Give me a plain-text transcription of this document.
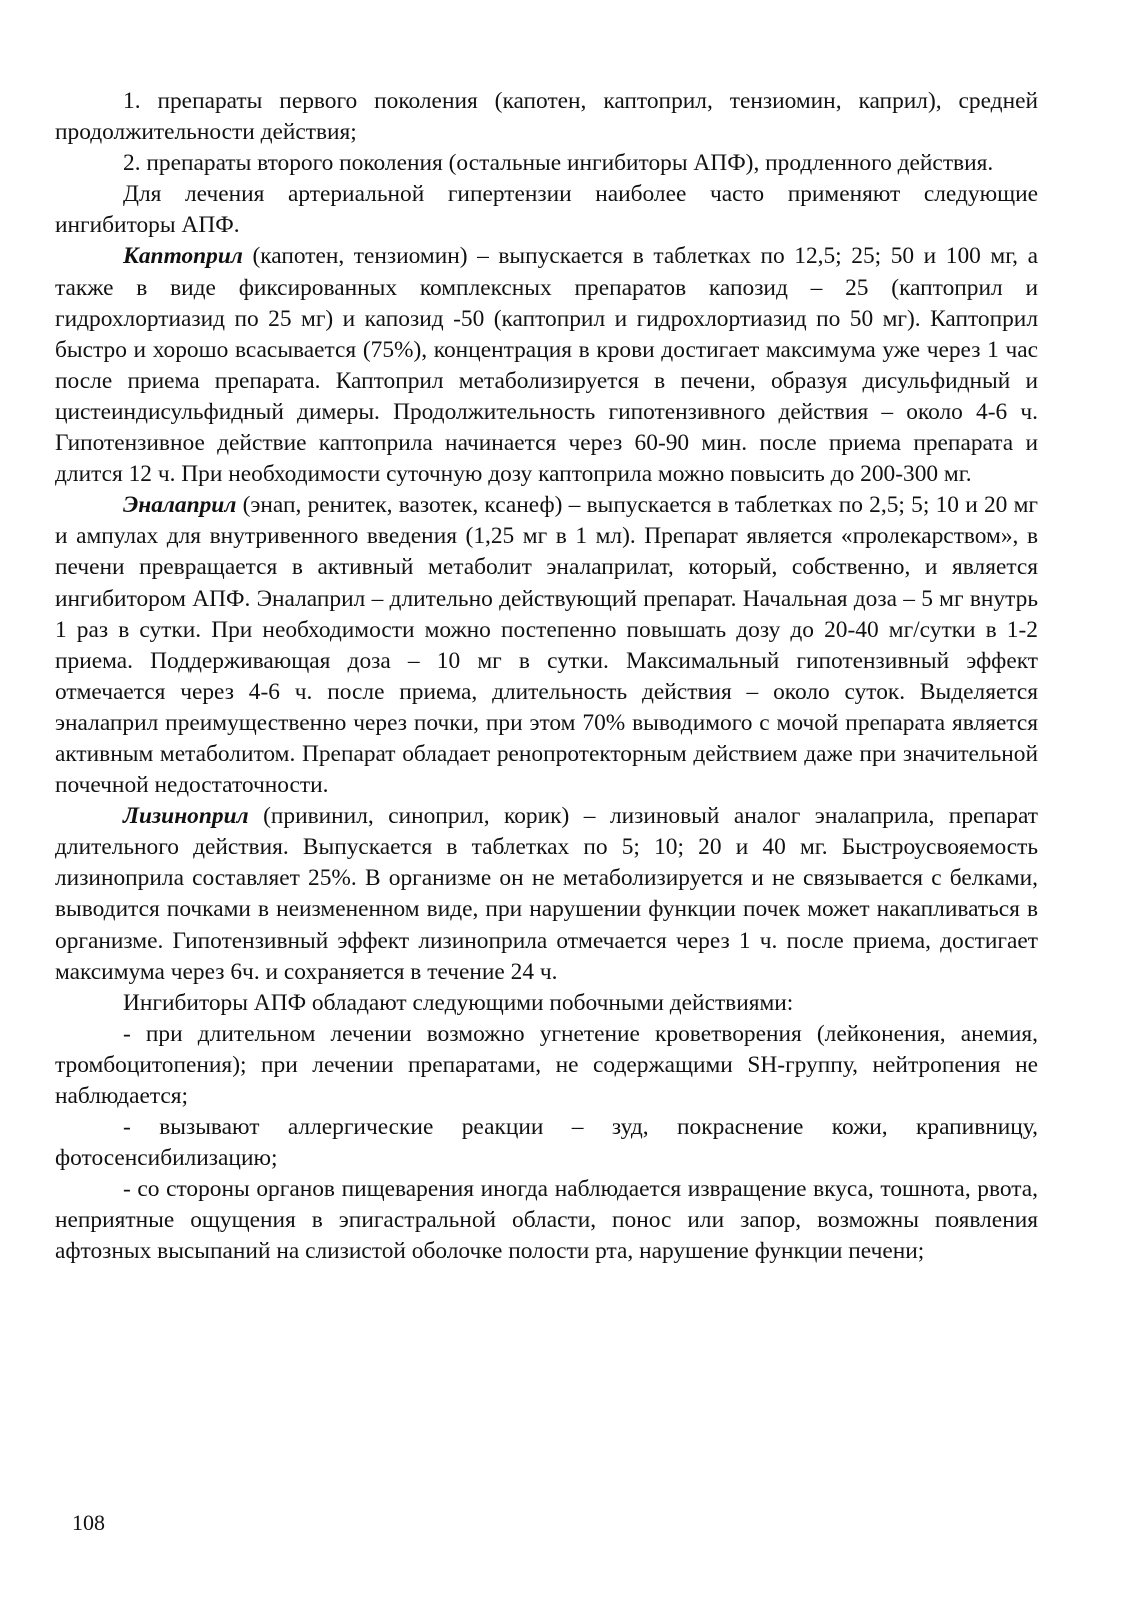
1. препараты первого поколения (капотен, каптоприл, тензиомин, каприл), средней продолжительности действия;

2. препараты второго поколения (остальные ингибиторы АПФ), продленного действия.

Для лечения артериальной гипертензии наиболее часто применяют следующие ингибиторы АПФ.

Каптоприл (капотен, тензиомин) – выпускается в таблетках по 12,5; 25; 50 и 100 мг, а также в виде фиксированных комплексных препаратов капозид – 25 (каптоприл и гидрохлортиазид по 25 мг) и капозид -50 (каптоприл и гидрохлортиазид по 50 мг). Каптоприл быстро и хорошо всасывается (75%), концентрация в крови достигает максимума уже через 1 час после приема препарата. Каптоприл метаболизируется в печени, образуя дисульфидный и цистеиндисульфидный димеры. Продолжительность гипотензивного действия – около 4-6 ч. Гипотензивное действие каптоприла начинается через 60-90 мин. после приема препарата и длится 12 ч. При необходимости суточную дозу каптоприла можно повысить до 200-300 мг.

Эналаприл (энап, ренитек, вазотек, ксанеф) – выпускается в таблетках по 2,5; 5; 10 и 20 мг и ампулах для внутривенного введения (1,25 мг в 1 мл). Препарат является «пролекарством», в печени превращается в активный метаболит эналаприлат, который, собственно, и является ингибитором АПФ. Эналаприл – длительно действующий препарат. Начальная доза – 5 мг внутрь 1 раз в сутки. При необходимости можно постепенно повышать дозу до 20-40 мг/сутки в 1-2 приема. Поддерживающая доза – 10 мг в сутки. Максимальный гипотензивный эффект отмечается через 4-6 ч. после приема, длительность действия – около суток. Выделяется эналаприл преимущественно через почки, при этом 70% выводимого с мочой препарата является активным метаболитом. Препарат обладает ренопротекторным действием даже при значительной почечной недостаточности.

Лизиноприл (привинил, синоприл, корик) – лизиновый аналог эналаприла, препарат длительного действия. Выпускается в таблетках по 5; 10; 20 и 40 мг. Быстроусвояемость лизиноприла составляет 25%. В организме он не метаболизируется и не связывается с белками, выводится почками в неизмененном виде, при нарушении функции почек может накапливаться в организме. Гипотензивный эффект лизиноприла отмечается через 1 ч. после приема, достигает максимума через 6ч. и сохраняется в течение 24 ч.

Ингибиторы АПФ обладают следующими побочными действиями:

- при длительном лечении возможно угнетение кроветворения (лейконения, анемия, тромбоцитопения); при лечении препаратами, не содержащими SH-группу, нейтропения не наблюдается;

- вызывают аллергические реакции – зуд, покраснение кожи, крапивницу, фотосенсибилизацию;

- со стороны органов пищеварения иногда наблюдается извращение вкуса, тошнота, рвота, неприятные ощущения в эпигастральной области, понос или запор, возможны появления афтозных высыпаний на слизистой оболочке полости рта, нарушение функции печени;

108
